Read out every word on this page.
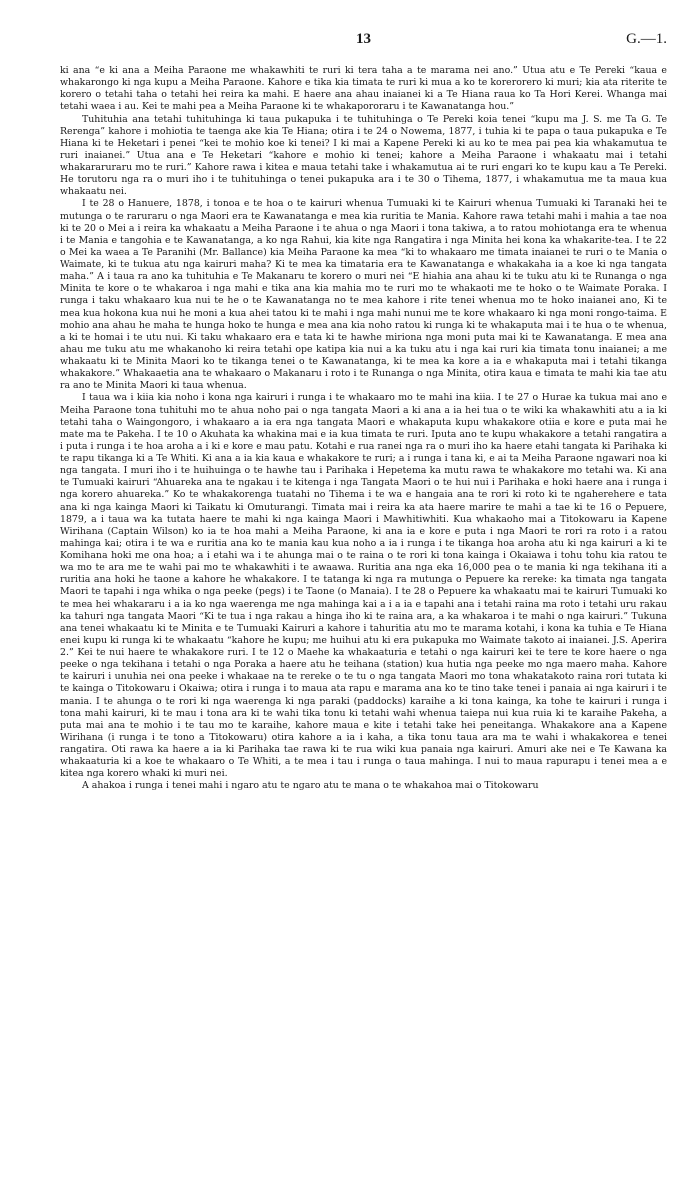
13	G.—1.

ki ana “e ki ana a Meiha Paraone me whakawhiti te ruri ki tera taha a te marama nei ano.” Utua atu e Te Pereki “kaua e whakarongo ki nga kupu a Meiha Paraone. Kahore e tika kia timata te ruri ki mua a ko te korerorero ki muri; kia ata riterite te korero o tetahi taha o tetahi hei reira ka mahi. E haere ana ahau inaianei ki a Te Hiana raua ko Ta Hori Kerei. Whanga mai tetahi waea i au. Kei te mahi pea a Meiha Paraone ki te whakapororaru i te Kawanatanga hou.”

Tuhituhia ana tetahi tuhituhinga ki taua pukapuka i te tuhituhinga o Te Pereki koia tenei “kupu ma J. S. me Ta G. Te Rerenga” kahore i mohiotia te taenga ake kia Te Hiana; otira i te 24 o Nowema, 1877, i tuhia ki te papa o taua pukapuka e Te Hiana ki te Heketari i penei “kei te mohio koe ki tenei? I ki mai a Kapene Pereki ki au ko te mea pai pea kia whakamutua te ruri inaianei.” Utua ana e Te Heketari “kahore e mohio ki tenei; kahore a Meiha Paraone i whakaatu mai i tetahi whakararuraru mo te ruri.” Kahore rawa i kitea e maua tetahi take i whakamutua ai te ruri engari ko te kupu kau a Te Pereki. He torutoru nga ra o muri iho i te tuhituhinga o tenei pukapuka ara i te 30 o Tihema, 1877, i whakamutua me ta maua kua whakaatu nei.

I te 28 o Hanuere, 1878, i tonoa e te hoa o te kairuri whenua Tumuaki ki te Kairuri whenua Tumuaki ki Taranaki hei te mutunga o te raruraru o nga Maori era te Kawanatanga e mea kia ruritia te Mania. Kahore rawa tetahi mahi i mahia a tae noa ki te 20 o Mei a i reira ka whakaatu a Meiha Paraone i te ahua o nga Maori i tona takiwa, a to ratou mohiotanga era te whenua i te Mania e tangohia e te Kawanatanga, a ko nga Rahui, kia kite nga Rangatira i nga Minita hei kona ka whakarite-tea. I te 22 o Mei ka waea a Te Paranihi (Mr. Ballance) kia Meiha Paraone ka mea “ki to whakaaro me timata inaianei te ruri o te Mania o Waimate, ki te tukua atu nga kairuri maha? Ki te mea ka timataria era te Kawanatanga e whakakaha ia a koe ki nga tangata maha.” A i taua ra ano ka tuhituhia e Te Makanaru te korero o muri nei “E hiahia ana ahau ki te tuku atu ki te Runanga o nga Minita te kore o te whakaroa i nga mahi e tika ana kia mahia mo te ruri mo te whakaoti me te hoko o te Waimate Poraka. I runga i taku whakaaro kua nui te he o te Kawanatanga no te mea kahore i rite tenei whenua mo te hoko inaianei ano, Ki te mea kua hokona kua nui he moni a kua ahei tatou ki te mahi i nga mahi nunui me te kore whakaaro ki nga moni rongo-taima. E mohio ana ahau he maha te hunga hoko te hunga e mea ana kia noho ratou ki runga ki te whakaputa mai i te hua o te whenua, a ki te homai i te utu nui. Ki taku whakaaro era e tata ki te hawhe miriona nga moni puta mai ki te Kawanatanga. E mea ana ahau me tuku atu me whakanoho ki reira tetahi ope katipa kia nui a ka tuku atu i nga kai ruri kia timata tonu inaianei; a me whakaatu ki te Minita Maori ko te tikanga tenei o te Kawanatanga, ki te mea ka kore a ia e whakaputa mai i tetahi tikanga whakakore.” Whakaaetia ana te whakaaro o Makanaru i roto i te Runanga o nga Minita, otira kaua e timata te mahi kia tae atu ra ano te Minita Maori ki taua whenua.

I taua wa i kiia kia noho i kona nga kairuri i runga i te whakaaro mo te mahi ina kiia. I te 27 o Hurae ka tukua mai ano e Meiha Paraone tona tuhituhi mo te ahua noho pai o nga tangata Maori a ki ana a ia hei tua o te wiki ka whakawhiti atu a ia ki tetahi taha o Waingongoro, i whakaaro a ia era nga tangata Maori e whakaputa kupu whakakore otiia e kore e puta mai he mate ma te Pakeha. I te 10 o Akuhata ka whakina mai e ia kua timata te ruri. Iputa ano te kupu whakakore a tetahi rangatira a i puta i runga i te hoa aroha a i ki e kore e mau patu. Kotahi e rua ranei nga ra o muri iho ka haere etahi tangata ki Parihaka ki te rapu tikanga ki a Te Whiti. Ki ana a ia kia kaua e whakakore te ruri; a i runga i tana ki, e ai ta Meiha Paraone ngawari noa ki nga tangata. I muri iho i te huihuinga o te hawhe tau i Parihaka i Hepetema ka mutu rawa te whakakore mo tetahi wa. Ki ana te Tumuaki kairuri “Ahuareka ana te ngakau i te kitenga i nga Tangata Maori o te hui nui i Parihaka e hoki haere ana i runga i nga korero ahuareka.” Ko te whakakorenga tuatahi no Tihema i te wa e hangaia ana te rori ki roto ki te ngaherehere e tata ana ki nga kainga Maori ki Taikatu ki Omuturangi. Timata mai i reira ka ata haere marire te mahi a tae ki te 16 o Pepuere, 1879, a i taua wa ka tutata haere te mahi ki nga kainga Maori i Mawhitiwhiti. Kua whakaoho mai a Titokowaru ia Kapene Wirihana (Captain Wilson) ko ia te hoa mahi a Meiha Paraone, ki ana ia e kore e puta i nga Maori te rori ra roto i a ratou mahinga kai; otira i te wa e ruritia ana ko te mania kau kua noho a ia i runga i te tikanga hoa aroha atu ki nga kairuri a ki te Komihana hoki me ona hoa; a i etahi wa i te ahunga mai o te raina o te rori ki tona kainga i Okaiawa i tohu tohu kia ratou te wa mo te ara me te wahi pai mo te whakawhiti i te awaawa. Ruritia ana nga eka 16,000 pea o te mania ki nga tekihana iti a ruritia ana hoki he taone a kahore he whakakore. I te tatanga ki nga ra mutunga o Pepuere ka rereke: ka timata nga tangata Maori te tapahi i nga whika o nga peeke (pegs) i te Taone (o Manaia). I te 28 o Pepuere ka whakaatu mai te kairuri Tumuaki ko te mea hei whakararu i a ia ko nga waerenga me nga mahinga kai a i a ia e tapahi ana i tetahi raina ma roto i tetahi uru rakau ka tahuri nga tangata Maori “Ki te tua i nga rakau a hinga iho ki te raina ara, a ka whakaroa i te mahi o nga kairuri.” Tukuna ana tenei whakaatu ki te Minita e te Tumuaki Kairuri a kahore i tahuritia atu mo te marama kotahi, i kona ka tuhia e Te Hiana enei kupu ki runga ki te whakaatu “kahore he kupu; me huihui atu ki era pukapuka mo Waimate takoto ai inaianei. J.S. Aperira 2.” Kei te nui haere te whakakore ruri. I te 12 o Maehe ka whakaaturia e tetahi o nga kairuri kei te tere te kore haere o nga peeke o nga tekihana i tetahi o nga Poraka a haere atu he teihana (station) kua hutia nga peeke mo nga maero maha. Kahore te kairuri i unuhia nei ona peeke i whakaae na te rereke o te tu o nga tangata Maori mo tona whakatakoto raina rori tutata ki te kainga o Titokowaru i Okaiwa; otira i runga i to maua ata rapu e marama ana ko te tino take tenei i panaia ai nga kairuri i te mania. I te ahunga o te rori ki nga waerenga ki nga paraki (paddocks) karaihe a ki tona kainga, ka tohe te kairuri i runga i tona mahi kairuri, ki te mau i tona ara ki te wahi tika tonu ki tetahi wahi whenua taiepa nui kua ruia ki te karaihe Pakeha, a puta mai ana te mohio i te tau mo te karaihe, kahore maua e kite i tetahi take hei peneitanga. Whakakore ana a Kapene Wirihana (i runga i te tono a Titokowaru) otira kahore a ia i kaha, a tika tonu taua ara ma te wahi i whakakorea e tenei rangatira. Oti rawa ka haere a ia ki Parihaka tae rawa ki te rua wiki kua panaia nga kairuri. Amuri ake nei e Te Kawana ka whakaaturia ki a koe te whakaaro o Te Whiti, a te mea i tau i runga o taua mahinga. I nui to maua rapurapu i tenei mea a e kitea nga korero whaki ki muri nei.

A ahakoa i runga i tenei mahi i ngaro atu te ngaro atu te mana o te whakahoa mai o Titokowaru
